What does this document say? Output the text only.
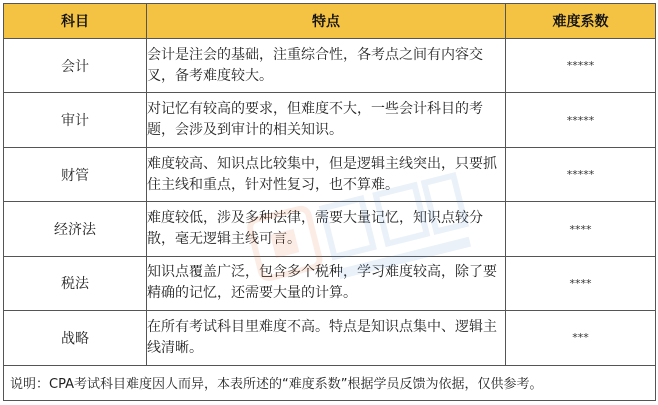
科目	特点	难度系数
会计	会计是注会的基础，注重综合性，各考点之间有内容交叉，备考难度较大。	*****
审计	对记忆有较高的要求，但难度不大，一些会计科目的考题，会涉及到审计的相关知识。	*****
财管	难度较高、知识点比较集中，但是逻辑主线突出，只要抓住主线和重点，针对性复习，也不算难。	*****
经济法	难度较低，涉及多种法律，需要大量记忆，知识点较分散，毫无逻辑主线可言。	****
税法	知识点覆盖广泛，包含多个税种，学习难度较高，除了要精确的记忆，还需要大量的计算。	****
战略	在所有考试科目里难度不高。特点是知识点集中、逻辑主线清晰。	***
说明：CPA考试科目难度因人而异，本表所述的“难度系数”根据学员反馈为依据，仅供参考。		
